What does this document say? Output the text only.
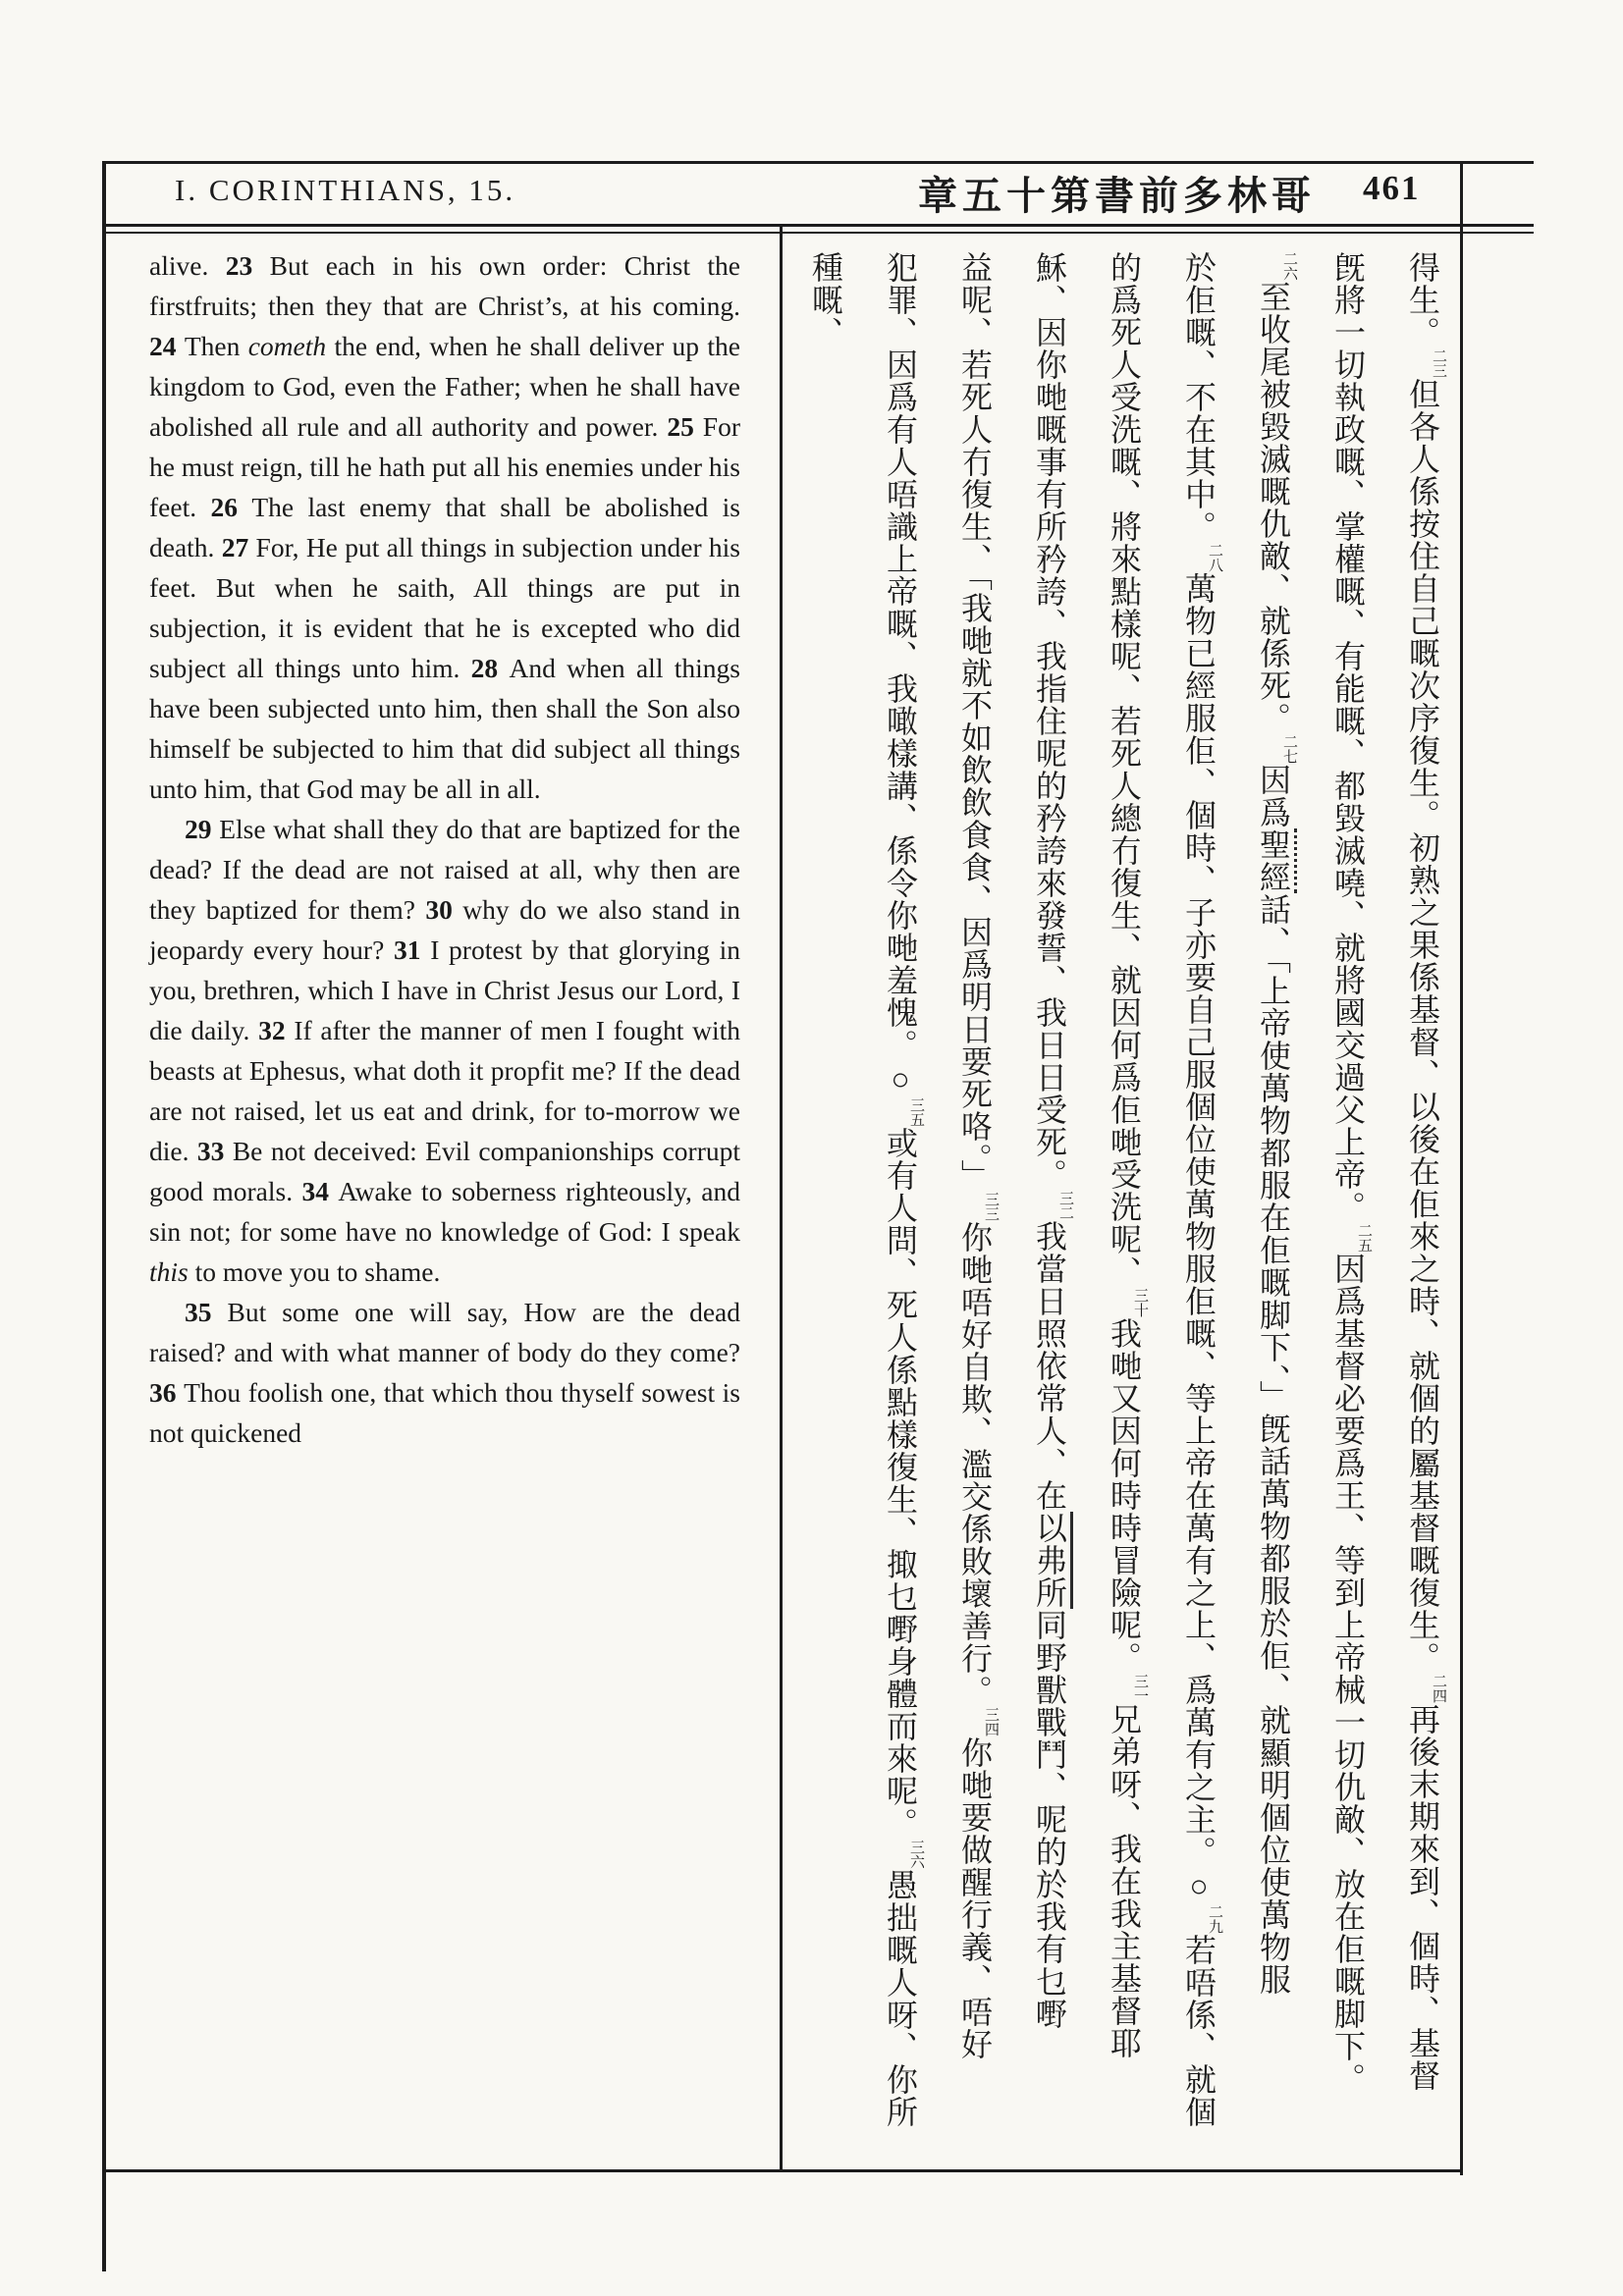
I. CORINTHIANS, 15.	章五十第書前多林哥 461

alive. 23 But each in his own order: Christ the firstfruits; then they that are Christ’s, at his coming. 24 Then cometh the end, when he shall deliver up the kingdom to God, even the Father; when he shall have abolished all rule and all authority and power. 25 For he must reign, till he hath put all his enemies under his feet. 26 The last enemy that shall be abolished is death. 27 For, He put all things in subjection under his feet. But when he saith, All things are put in subjection, it is evident that he is excepted who did subject all things unto him. 28 And when all things have been subjected unto him, then shall the Son also himself be subjected to him that did subject all things unto him, that God may be all in all.

29 Else what shall they do that are baptized for the dead? If the dead are not raised at all, why then are they baptized for them? 30 why do we also stand in jeopardy every hour? 31 I protest by that glorying in you, brethren, which I have in Christ Jesus our Lord, I die daily. 32 If after the manner of men I fought with beasts at Ephesus, what doth it propfit me? If the dead are not raised, let us eat and drink, for to-morrow we die. 33 Be not deceived: Evil companionships corrupt good morals. 34 Awake to soberness righteously, and sin not; for some have no knowledge of God: I speak this to move you to shame.

35 But some one will say, How are the dead raised? and with what manner of body do they come? 36 Thou foolish one, that which thou thyself sowest is not quickened

得生。二三但各人係按住自己嘅次序復生。初熟之果係基督、以後在佢來之時、就個的屬基督嘅復生。二四再後末期來到、個時、基督
旣將一切執政嘅、掌權嘅、有能嘅、都毀滅嘵、就將國交過父上帝。二五因爲基督必要爲王、等到上帝械一切仇敵、放在佢嘅脚下。
二六至收尾被毀滅嘅仇敵、就係死。二七因爲聖經話、「上帝使萬物都服在佢嘅脚下、」旣話萬物都服於佢、就顯明個位使萬物服
於佢嘅、不在其中。二八萬物已經服佢、個時、子亦要自己服個位使萬物服佢嘅、等上帝在萬有之上、爲萬有之主。○二九若唔係、就個
的爲死人受洗嘅、將來點樣呢、若死人總冇復生、就因何爲佢哋受洗呢、三十我哋又因何時時冒險呢。三一兄弟呀、我在我主基督耶
穌、因你哋嘅事有所矜誇、我指住呢的矜誇來發誓、我日日受死。三二我當日照依常人、在以弗所同野獸戰鬥、呢的於我有乜嘢
益呢、若死人冇復生、「我哋就不如飲飲食食、因爲明日要死咯。」三三你哋唔好自欺、濫交係敗壞善行。三四你哋要做醒行義、唔好
犯罪、因爲有人唔識上帝嘅、我噉樣講、係令你哋羞愧。○三五或有人問、死人係點樣復生、掫乜嘢身體而來呢。三六愚拙嘅人呀、你所
種嘅、
